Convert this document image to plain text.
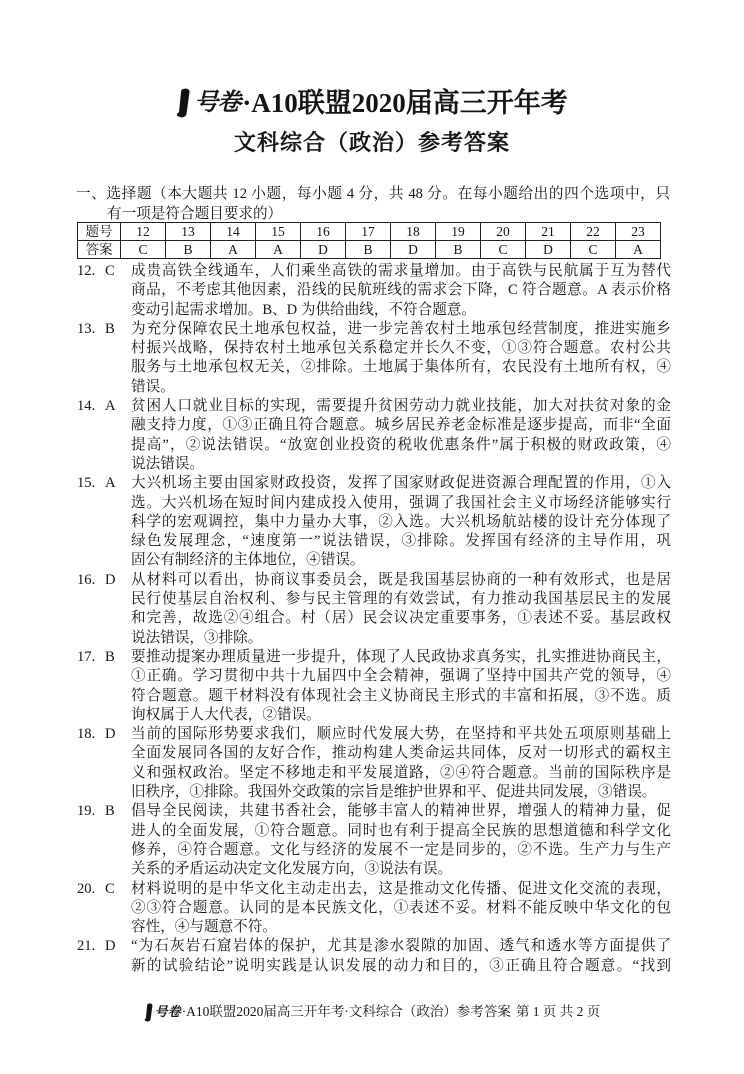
号卷 ·A10联盟2020届高三开年考
文科综合（政治）参考答案
一、选择题（本大题共 12 小题，每小题 4 分，共 48 分。在每小题给出的四个选项中，只
有一项是符合题目要求的）
题号	12	13	14	15	16	17	18	19	20	21	22	23
答案	C	B	A	A	D	B	D	B	C	D	C	A
12. C 成贵高铁全线通车，人们乘坐高铁的需求量增加。由于高铁与民航属于互为替代
商品，不考虑其他因素，沿线的民航班线的需求会下降，C 符合题意。A 表示价格
变动引起需求增加。B、D 为供给曲线，不符合题意。
13. B 为充分保障农民土地承包权益，进一步完善农村土地承包经营制度，推进实施乡
村振兴战略，保持农村土地承包关系稳定并长久不变，①③符合题意。农村公共
服务与土地承包权无关，②排除。土地属于集体所有，农民没有土地所有权，④
错误。
14. A 贫困人口就业目标的实现，需要提升贫困劳动力就业技能，加大对扶贫对象的金
融支持力度，①③正确且符合题意。城乡居民养老金标准是逐步提高，而非“全面
提高”，②说法错误。“放宽创业投资的税收优惠条件”属于积极的财政政策，④
说法错误。
15. A 大兴机场主要由国家财政投资，发挥了国家财政促进资源合理配置的作用，①入
选。大兴机场在短时间内建成投入使用，强调了我国社会主义市场经济能够实行
科学的宏观调控，集中力量办大事，②入选。大兴机场航站楼的设计充分体现了
绿色发展理念，“速度第一”说法错误，③排除。发挥国有经济的主导作用，巩
固公有制经济的主体地位，④错误。
16. D 从材料可以看出，协商议事委员会，既是我国基层协商的一种有效形式，也是居
民行使基层自治权利、参与民主管理的有效尝试，有力推动我国基层民主的发展
和完善，故选②④组合。村（居）民会议决定重要事务，①表述不妥。基层政权
说法错误，③排除。
17. B 要推动提案办理质量进一步提升，体现了人民政协求真务实，扎实推进协商民主，
①正确。学习贯彻中共十九届四中全会精神，强调了坚持中国共产党的领导，④
符合题意。题干材料没有体现社会主义协商民主形式的丰富和拓展，③不选。质
询权属于人大代表，②错误。
18. D 当前的国际形势要求我们，顺应时代发展大势，在坚持和平共处五项原则基础上
全面发展同各国的友好合作，推动构建人类命运共同体，反对一切形式的霸权主
义和强权政治。坚定不移地走和平发展道路，②④符合题意。当前的国际秩序是
旧秩序，①排除。我国外交政策的宗旨是维护世界和平、促进共同发展，③错误。
19. B 倡导全民阅读，共建书香社会，能够丰富人的精神世界，增强人的精神力量，促
进人的全面发展，①符合题意。同时也有利于提高全民族的思想道德和科学文化
修养，④符合题意。文化与经济的发展不一定是同步的，②不选。生产力与生产
关系的矛盾运动决定文化发展方向，③说法有误。
20. C 材料说明的是中华文化主动走出去，这是推动文化传播、促进文化交流的表现，
②③符合题意。认同的是本民族文化，①表述不妥。材料不能反映中华文化的包
容性，④与题意不符。
21. D “为石灰岩石窟岩体的保护，尤其是渗水裂隙的加固、透气和透水等方面提供了
新的试验结论”说明实践是认识发展的动力和目的，③正确且符合题意。“找到
号卷 ·A10联盟2020届高三开年考·文科综合（政治）参考答案 第 1 页 共 2 页
